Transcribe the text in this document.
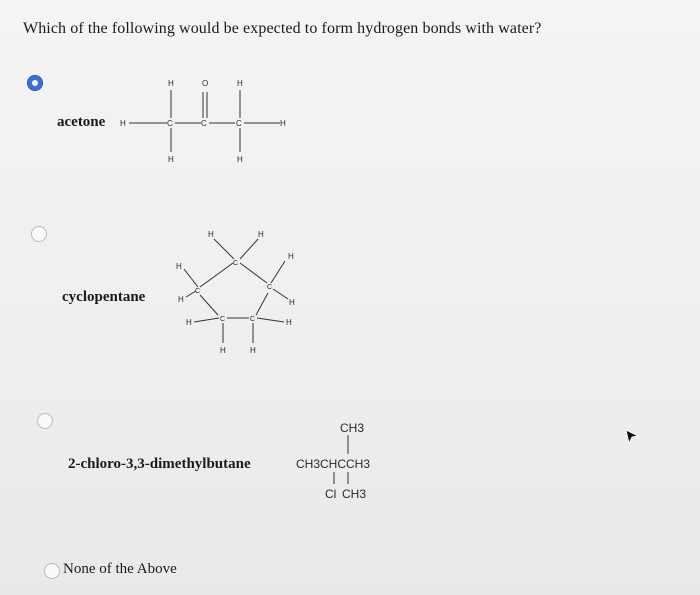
Which of the following would be expected to form hydrogen bonds with water?
acetone
H	O	H
H	C	C	C	H
H	H
cyclopentane
H	H
C
H
H
C
C
H	H
C	C
H	H
H	H
2-chloro-3,3-dimethylbutane
CH3
CH3CHCCH3
Cl CH3
None of the Above
